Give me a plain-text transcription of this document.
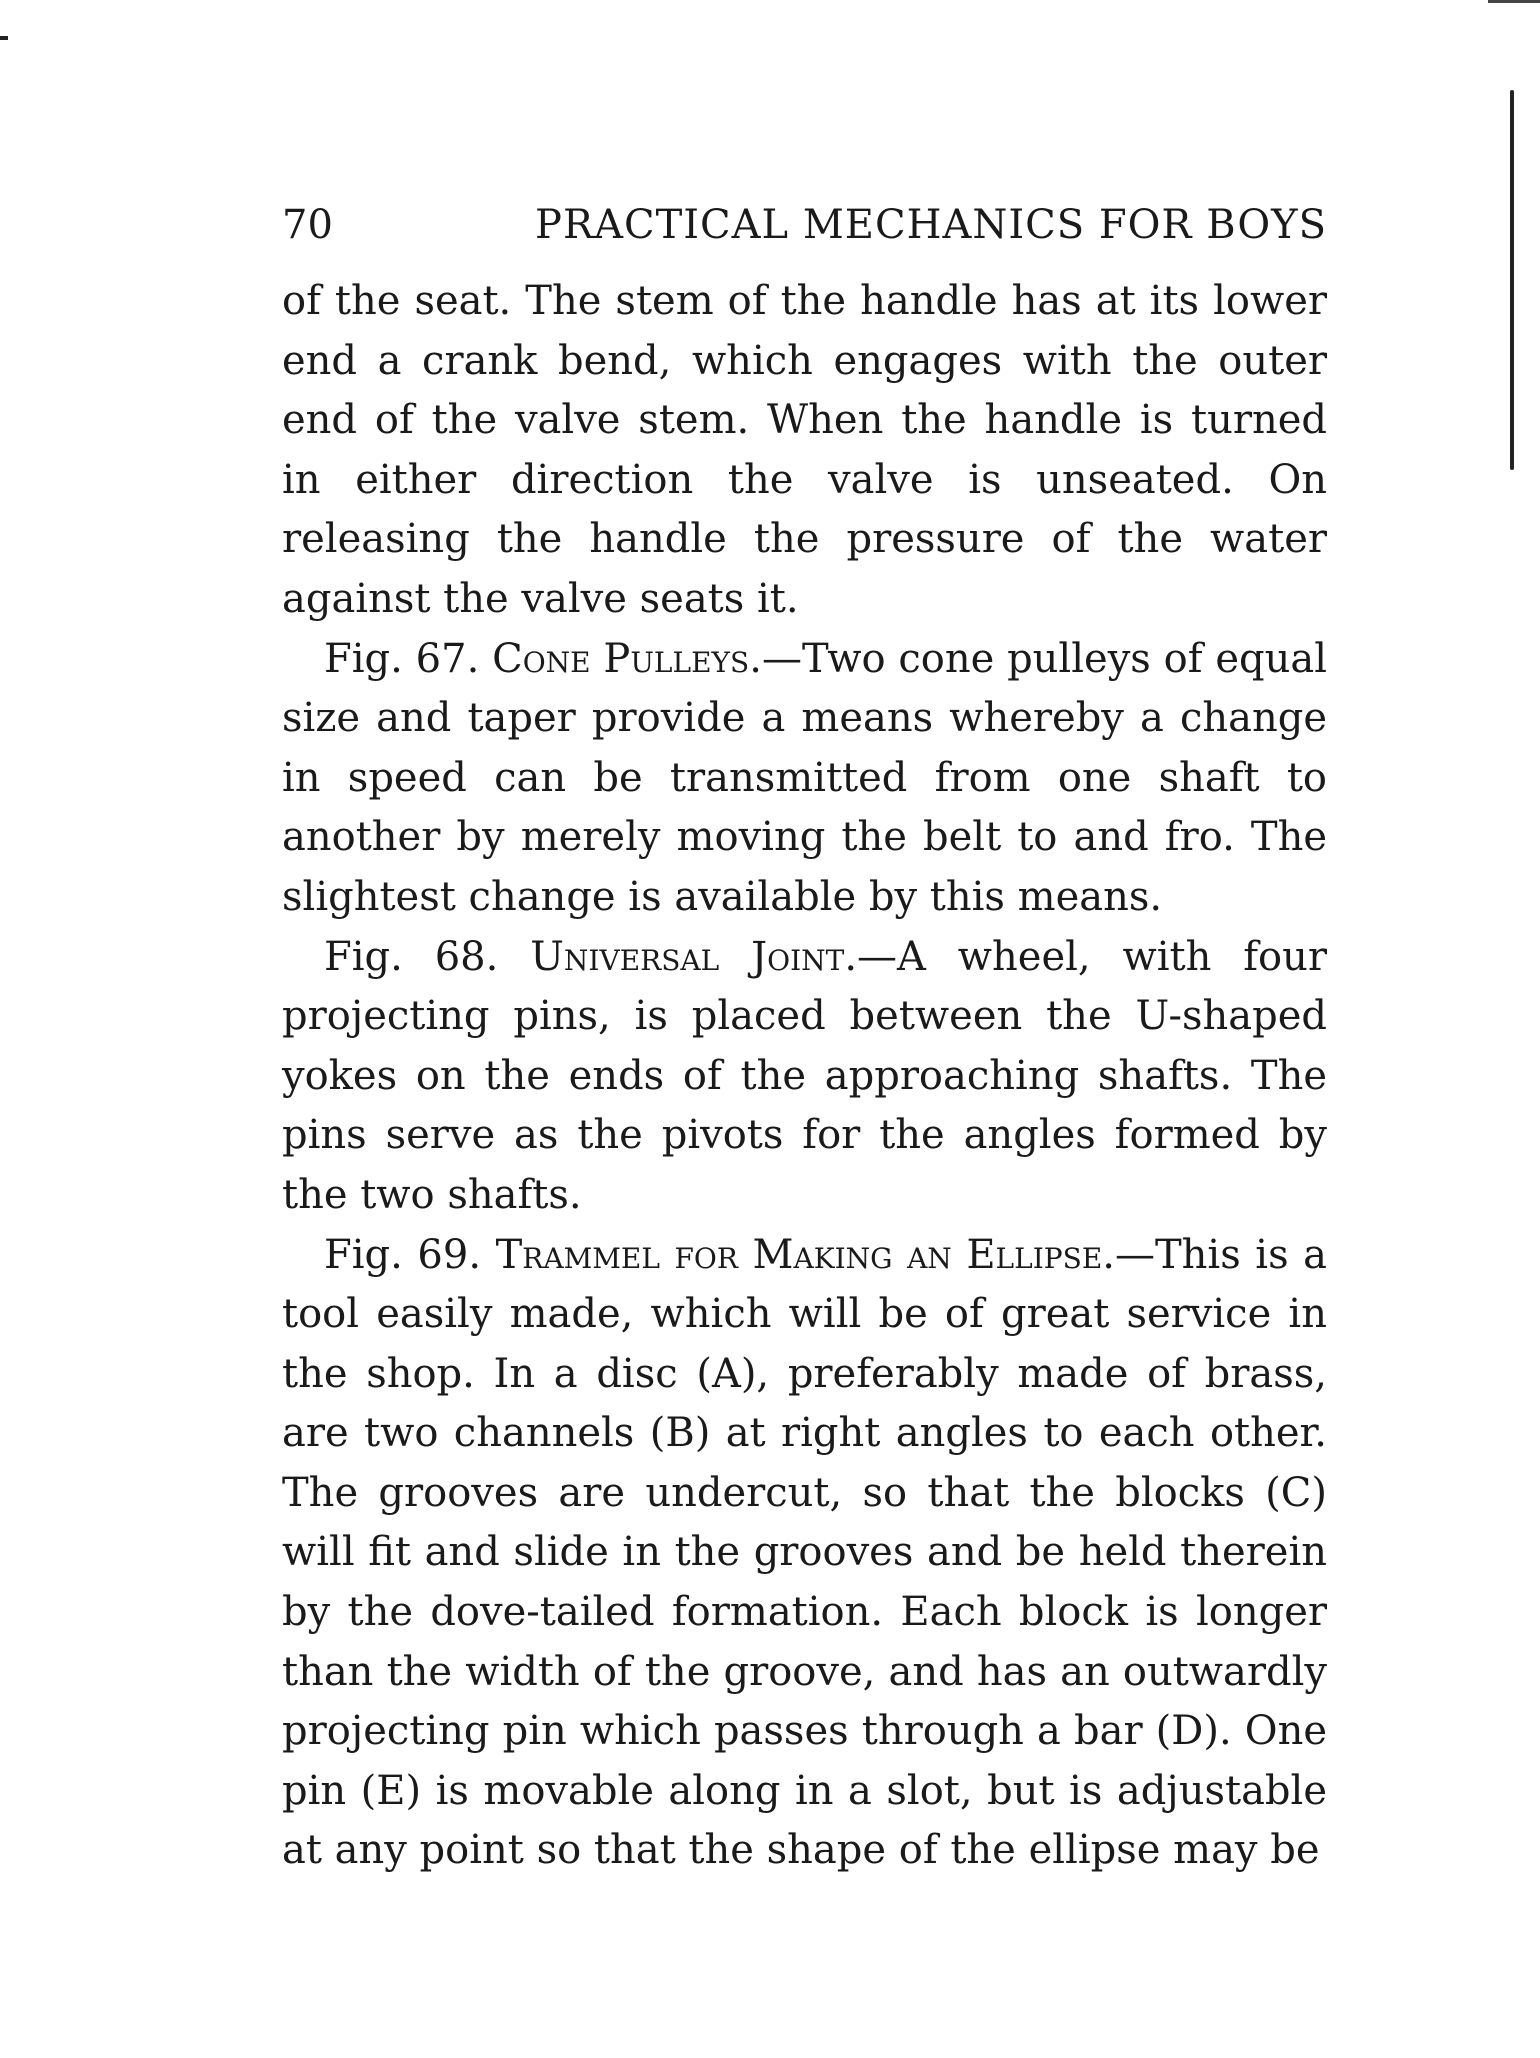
70	PRACTICAL MECHANICS FOR BOYS

of the seat. The stem of the handle has at its lower end a crank bend, which engages with the outer end of the valve stem. When the handle is turned in either direction the valve is unseated. On releasing the handle the pressure of the water against the valve seats it.

Fig. 67. Cone Pulleys.—Two cone pulleys of equal size and taper provide a means whereby a change in speed can be transmitted from one shaft to another by merely moving the belt to and fro. The slightest change is available by this means.

Fig. 68. Universal Joint.—A wheel, with four projecting pins, is placed between the U-shaped yokes on the ends of the approaching shafts. The pins serve as the pivots for the angles formed by the two shafts.

Fig. 69. Trammel for Making an Ellipse.—This is a tool easily made, which will be of great service in the shop. In a disc (A), preferably made of brass, are two channels (B) at right angles to each other. The grooves are undercut, so that the blocks (C) will fit and slide in the grooves and be held therein by the dove-tailed formation. Each block is longer than the width of the groove, and has an outwardly projecting pin which passes through a bar (D). One pin (E) is movable along in a slot, but is adjustable at any point so that the shape of the ellipse may be
